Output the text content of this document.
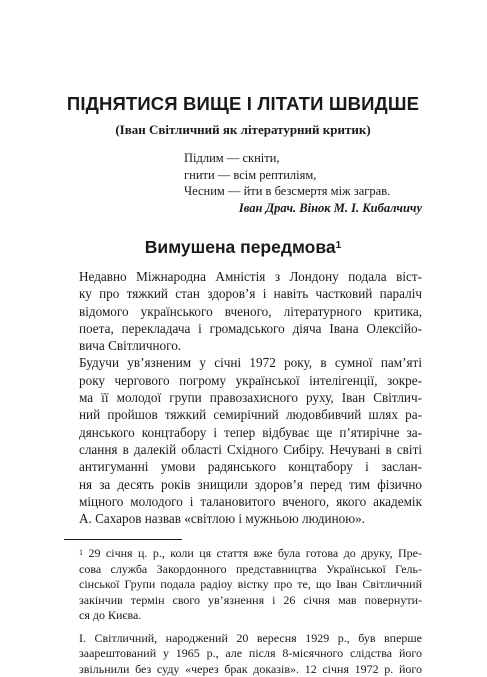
ПІДНЯТИСЯ ВИЩЕ І ЛІТАТИ ШВИДШЕ
(Іван Світличний як літературний критик)
Підлим — скніти,
гнити — всім рептиліям,
Чесним — йти в безсмертя між заграв.
Іван Драч. Вінок М. І. Кибалчичу
Вимушена передмова$^1$

Недавно Міжнародна Амністія з Лондону подала віст-
ку про тяжкий стан здоров’я і навіть частковий параліч
відомого українського вченого, літературного критика,
поета, перекладача і громадського діяча Івана Олексійо-
вича Світличного.

Будучи ув’язненим у січні 1972 року, в сумної пам’яті
року чергового погрому української інтелігенції, зокре-
ма її молодої групи правозахисного руху, Іван Світлич-
ний пройшов тяжкий семирічний людовбивчий шлях ра-
дянського концтабору і тепер відбуває ще п’ятирічне за-
слання в далекій області Східного Сибіру. Нечувані в світі
антигуманні умови радянського концтабору і заслан-
ня за десять років знищили здоров’я перед тим фізично
міцного молодого і талановитого вченого, якого академік
А. Сахаров назвав «світлою і мужньою людиною».

$^1$ 29 січня ц. р., коли ця стаття вже була готова до друку, Пре-
сова служба Закордонного представництва Української Гель-
сінської Групи подала радіоу вістку про те, що Іван Світличний
закінчив термін свого ув’язнення і 26 січня мав повернути-
ся до Києва.

І. Світличний, народжений 20 вересня 1929 р., був вперше
заарештований у 1965 р., але після 8-місячного слідства його
звільнили без суду «через брак доказів». 12 січня 1972 р. його
